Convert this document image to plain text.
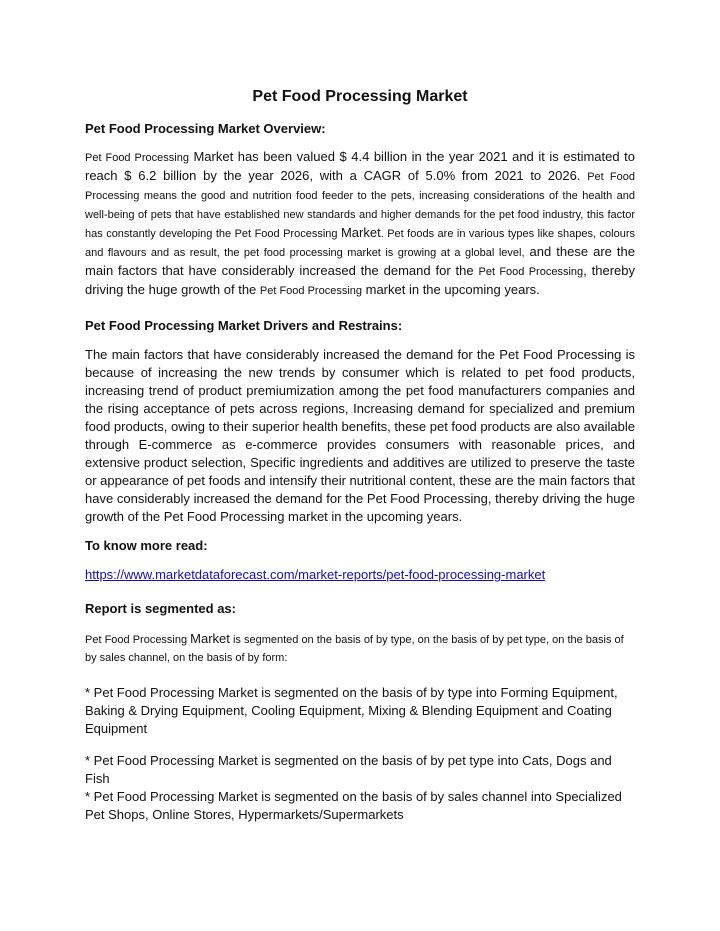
Pet Food Processing Market
Pet Food Processing Market Overview:
Pet Food Processing Market has been valued $ 4.4 billion in the year 2021 and it is estimated to reach $ 6.2 billion by the year 2026, with a CAGR of 5.0% from 2021 to 2026. Pet Food Processing means the good and nutrition food feeder to the pets, increasing considerations of the health and well-being of pets that have established new standards and higher demands for the pet food industry, this factor has constantly developing the Pet Food Processing Market. Pet foods are in various types like shapes, colours and flavours and as result, the pet food processing market is growing at a global level, and these are the main factors that have considerably increased the demand for the Pet Food Processing, thereby driving the huge growth of the Pet Food Processing market in the upcoming years.
Pet Food Processing Market Drivers and Restrains:
The main factors that have considerably increased the demand for the Pet Food Processing is because of increasing the new trends by consumer which is related to pet food products, increasing trend of product premiumization among the pet food manufacturers companies and the rising acceptance of pets across regions, Increasing demand for specialized and premium food products, owing to their superior health benefits, these pet food products are also available through E-commerce as e-commerce provides consumers with reasonable prices, and extensive product selection, Specific ingredients and additives are utilized to preserve the taste or appearance of pet foods and intensify their nutritional content, these are the main factors that have considerably increased the demand for the Pet Food Processing, thereby driving the huge growth of the Pet Food Processing market in the upcoming years.
To know more read:
https://www.marketdataforecast.com/market-reports/pet-food-processing-market
Report is segmented as:
Pet Food Processing Market is segmented on the basis of by type, on the basis of by pet type, on the basis of by sales channel, on the basis of by form:
* Pet Food Processing Market is segmented on the basis of by type into Forming Equipment, Baking & Drying Equipment, Cooling Equipment, Mixing & Blending Equipment and Coating Equipment
* Pet Food Processing Market is segmented on the basis of by pet type into Cats, Dogs and Fish
* Pet Food Processing Market is segmented on the basis of by sales channel into Specialized Pet Shops, Online Stores, Hypermarkets/Supermarkets
